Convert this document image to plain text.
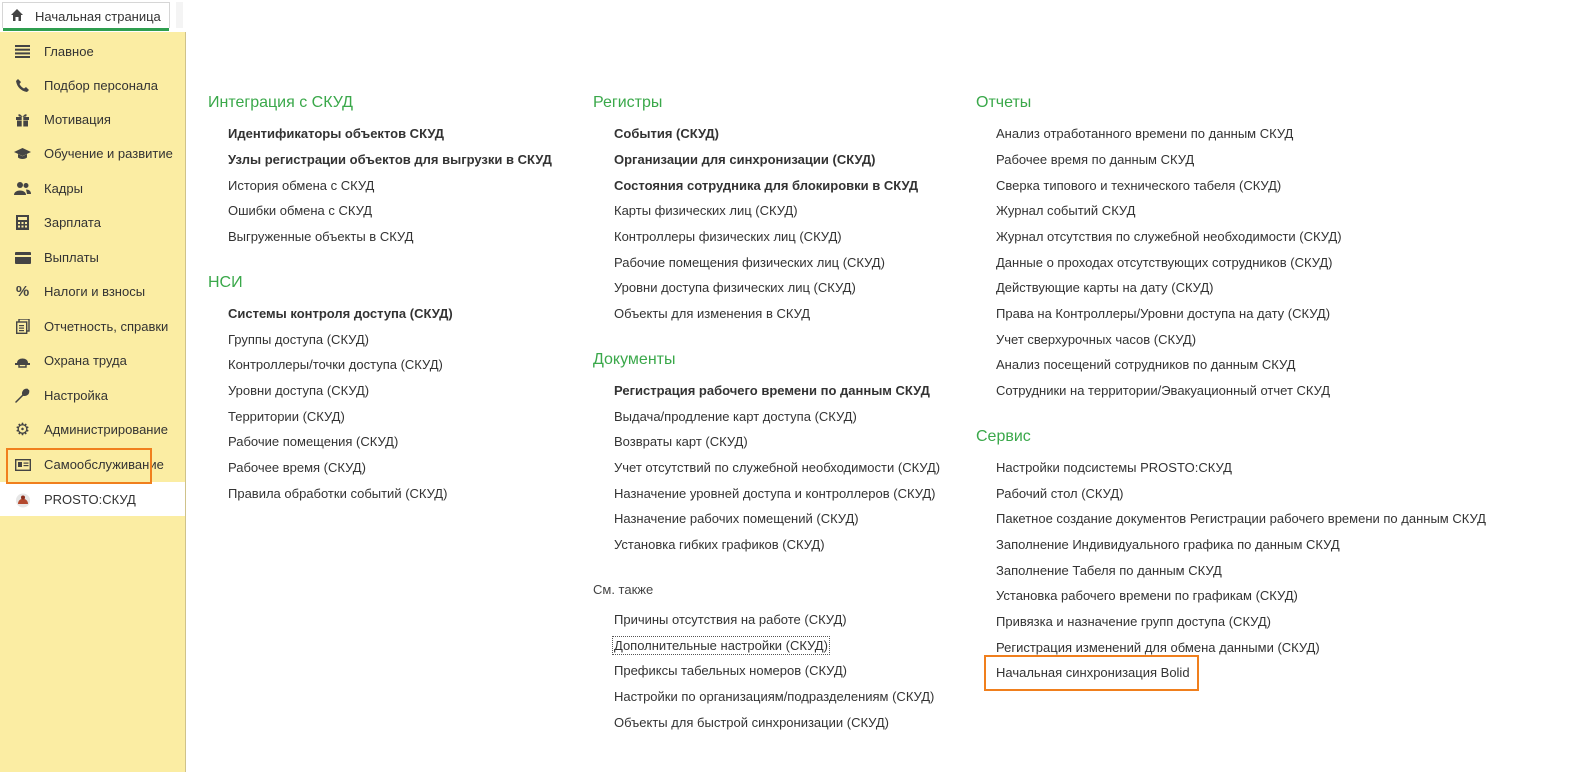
Начальная страница
Главное
Подбор персонала
Мотивация
Обучение и развитие
Кадры
Зарплата
Выплаты
% Налоги и взносы
Отчетность, справки
Охрана труда
Настройка
⚙ Администрирование
Самообслуживание
PROSTO:СКУД
Интеграция с СКУД
Идентификаторы объектов СКУД
Узлы регистрации объектов для выгрузки в СКУД
История обмена с СКУД
Ошибки обмена с СКУД
Выгруженные объекты в СКУД
НСИ
Системы контроля доступа (СКУД)
Группы доступа (СКУД)
Контроллеры/точки доступа (СКУД)
Уровни доступа (СКУД)
Территории (СКУД)
Рабочие помещения (СКУД)
Рабочее время (СКУД)
Правила обработки событий (СКУД)
Регистры
События (СКУД)
Организации для синхронизации (СКУД)
Состояния сотрудника для блокировки в СКУД
Карты физических лиц (СКУД)
Контроллеры физических лиц (СКУД)
Рабочие помещения физических лиц (СКУД)
Уровни доступа физических лиц (СКУД)
Объекты для изменения в СКУД
Документы
Регистрация рабочего времени по данным СКУД
Выдача/продление карт доступа (СКУД)
Возвраты карт (СКУД)
Учет отсутствий по служебной необходимости (СКУД)
Назначение уровней доступа и контроллеров (СКУД)
Назначение рабочих помещений (СКУД)
Установка гибких графиков (СКУД)
См. также
Причины отсутствия на работе (СКУД)
Дополнительные настройки (СКУД)
Префиксы табельных номеров (СКУД)
Настройки по организациям/подразделениям (СКУД)
Объекты для быстрой синхронизации (СКУД)
Отчеты
Анализ отработанного времени по данным СКУД
Рабочее время по данным СКУД
Сверка типового и технического табеля (СКУД)
Журнал событий СКУД
Журнал отсутствия по служебной необходимости (СКУД)
Данные о проходах отсутствующих сотрудников (СКУД)
Действующие карты на дату (СКУД)
Права на Контроллеры/Уровни доступа на дату (СКУД)
Учет сверхурочных часов (СКУД)
Анализ посещений сотрудников по данным СКУД
Сотрудники на территории/Эвакуационный отчет СКУД
Сервис
Настройки подсистемы PROSTO:СКУД
Рабочий стол (СКУД)
Пакетное создание документов Регистрации рабочего времени по данным СКУД
Заполнение Индивидуального графика по данным СКУД
Заполнение Табеля по данным СКУД
Установка рабочего времени по графикам (СКУД)
Привязка и назначение групп доступа (СКУД)
Регистрация изменений для обмена данными (СКУД)
Начальная синхронизация Bolid
